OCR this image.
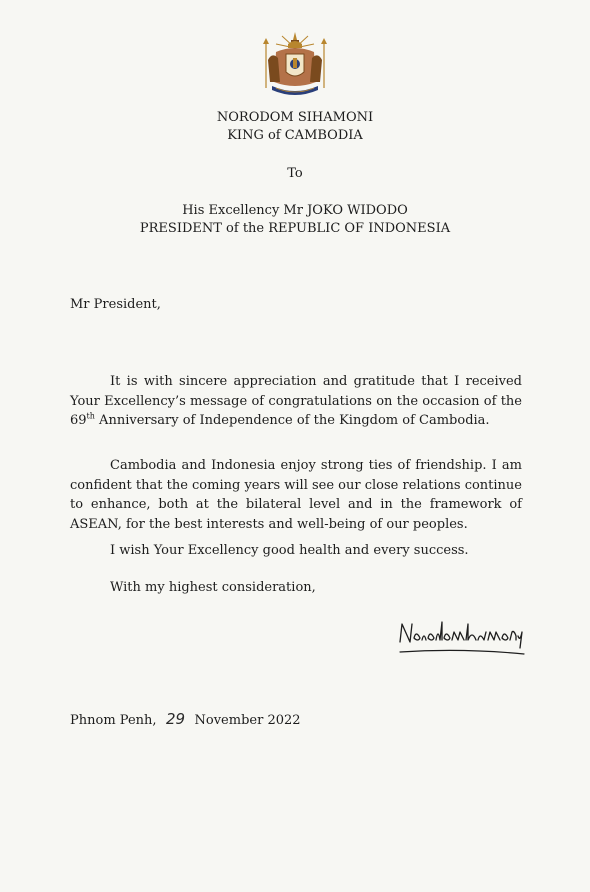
NORODOM SIHAMONI
KING of CAMBODIA
To
His Excellency Mr JOKO WIDODO
PRESIDENT of the REPUBLIC OF INDONESIA
Mr President,
It is with sincere appreciation and gratitude that I received Your Excellency’s message of congratulations on the occasion of the 69th Anniversary of Independence of the Kingdom of Cambodia.
Cambodia and Indonesia enjoy strong ties of friendship. I am confident that the coming years will see our close relations continue to enhance, both at the bilateral level and in the framework of ASEAN, for the best interests and well-being of our peoples.
I wish Your Excellency good health and every success.
With my highest consideration,
Phnom Penh, 29 November 2022
